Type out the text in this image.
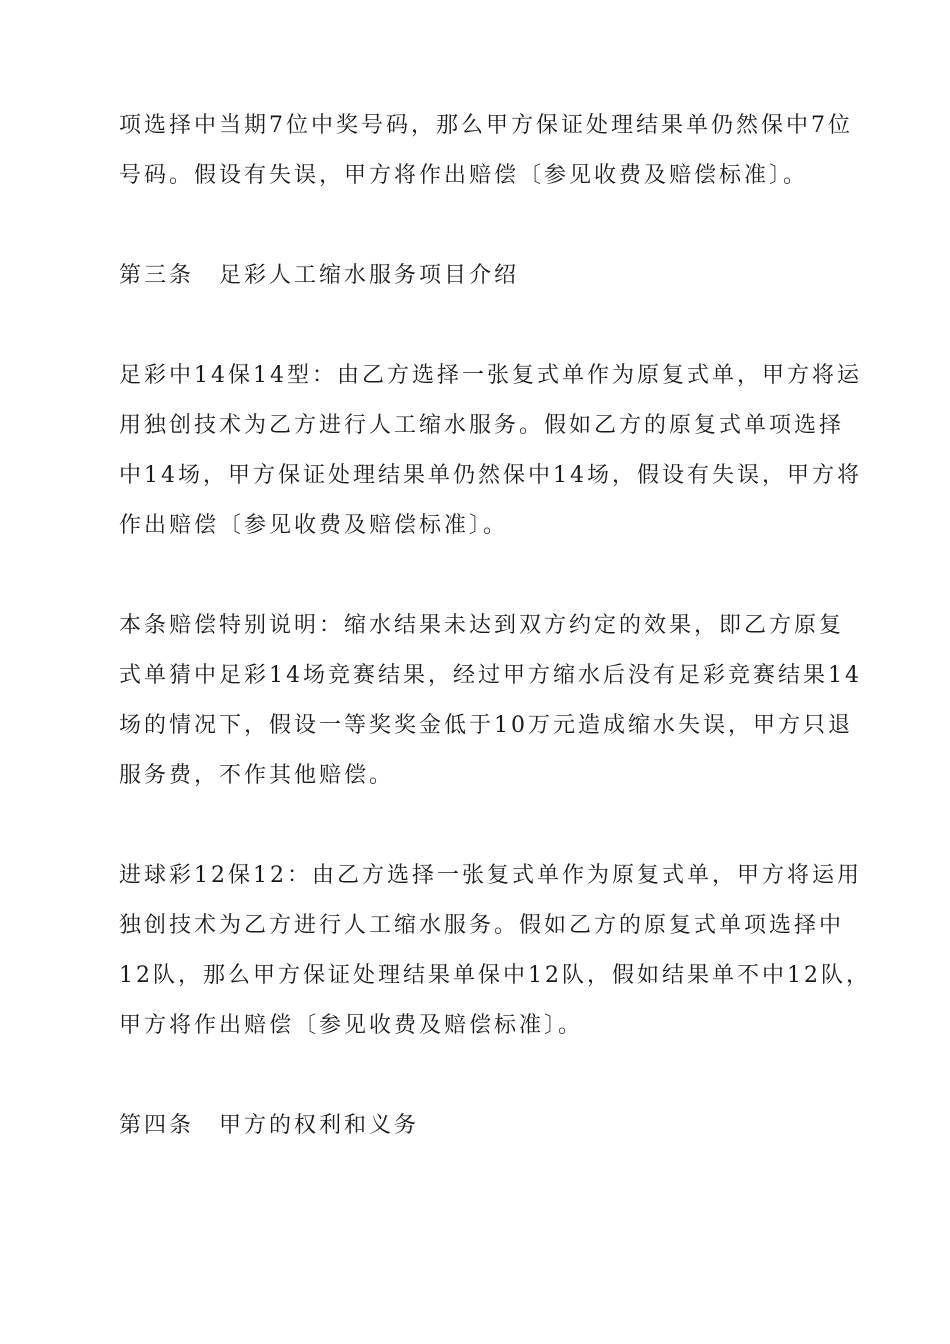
项选择中当期7位中奖号码，那么甲方保证处理结果单仍然保中7位
号码。假设有失误，甲方将作出赔偿〔参见收费及赔偿标准〕。
第三条　足彩人工缩水服务项目介绍
足彩中14保14型：由乙方选择一张复式单作为原复式单，甲方将运
用独创技术为乙方进行人工缩水服务。假如乙方的原复式单项选择
中14场，甲方保证处理结果单仍然保中14场，假设有失误，甲方将
作出赔偿〔参见收费及赔偿标准〕。
本条赔偿特别说明：缩水结果未达到双方约定的效果，即乙方原复
式单猜中足彩14场竞赛结果，经过甲方缩水后没有足彩竞赛结果14
场的情况下，假设一等奖奖金低于10万元造成缩水失误，甲方只退
服务费，不作其他赔偿。
进球彩12保12：由乙方选择一张复式单作为原复式单，甲方将运用
独创技术为乙方进行人工缩水服务。假如乙方的原复式单项选择中
12队，那么甲方保证处理结果单保中12队，假如结果单不中12队，
甲方将作出赔偿〔参见收费及赔偿标准〕。
第四条　甲方的权利和义务
